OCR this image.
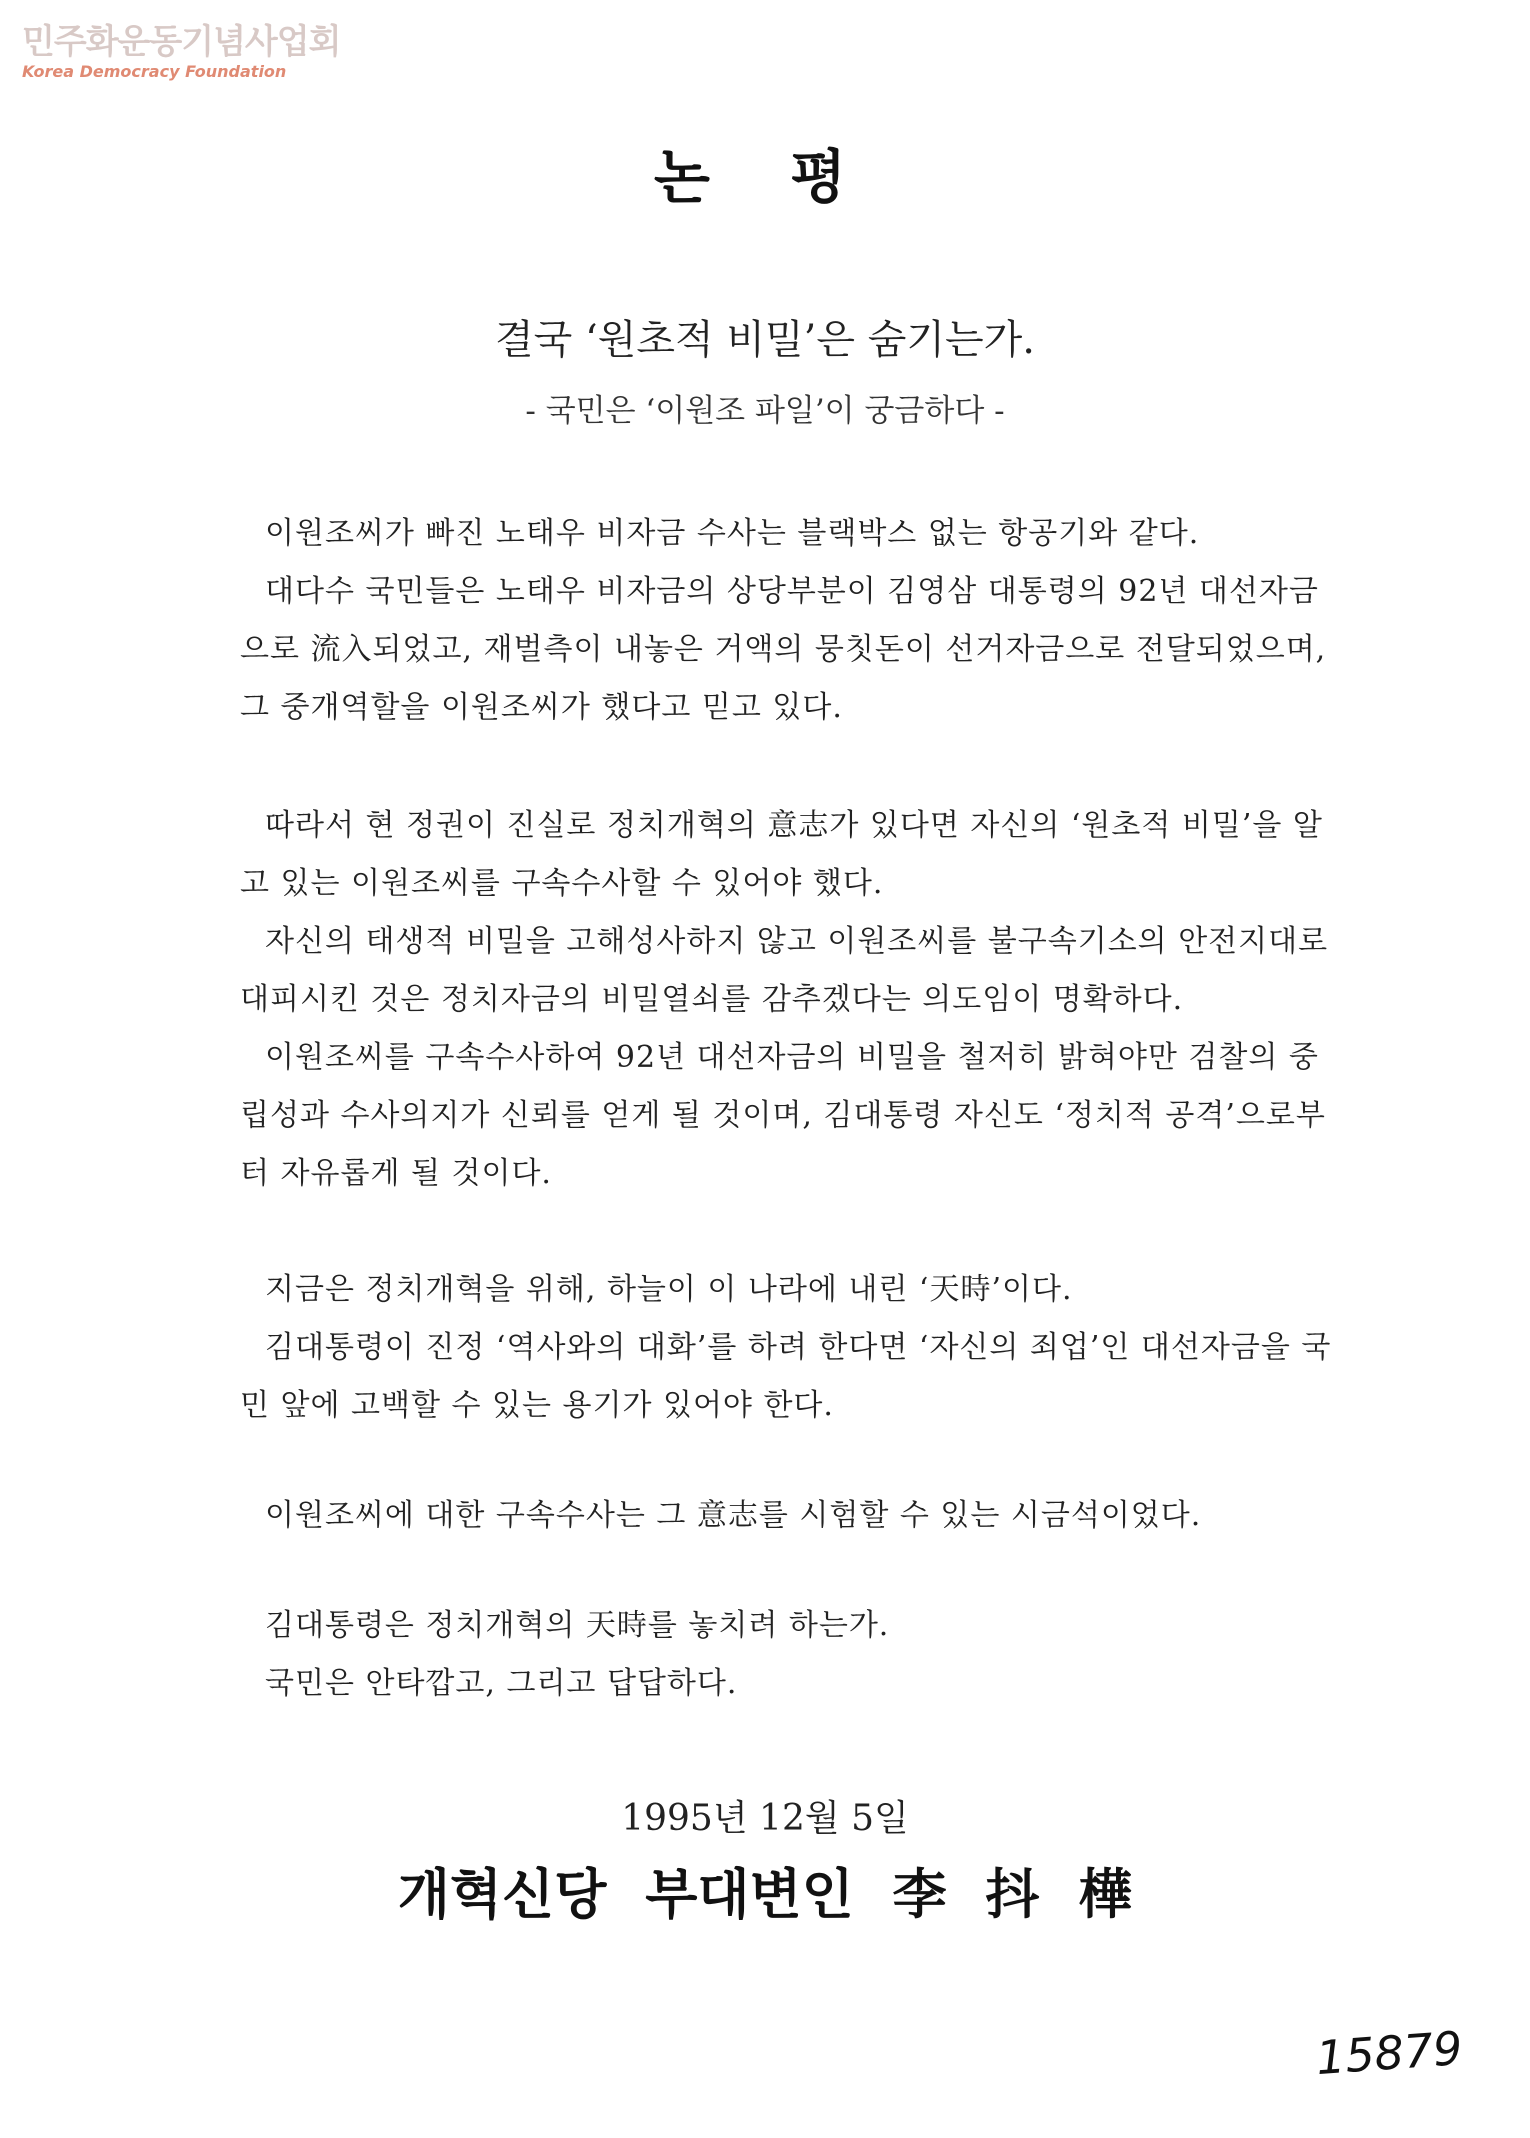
민주화운동기념사업회
Korea Democracy Foundation
논 평
결국 ‘원초적 비밀’은 숨기는가.
- 국민은 ‘이원조 파일’이 궁금하다 -
이원조씨가 빠진 노태우 비자금 수사는 블랙박스 없는 항공기와 같다.
대다수 국민들은 노태우 비자금의 상당부분이 김영삼 대통령의 92년 대선자금
으로 流入되었고, 재벌측이 내놓은 거액의 뭉칫돈이 선거자금으로 전달되었으며,
그 중개역할을 이원조씨가 했다고 믿고 있다.
따라서 현 정권이 진실로 정치개혁의 意志가 있다면 자신의 ‘원초적 비밀’을 알
고 있는 이원조씨를 구속수사할 수 있어야 했다.
자신의 태생적 비밀을 고해성사하지 않고 이원조씨를 불구속기소의 안전지대로
대피시킨 것은 정치자금의 비밀열쇠를 감추겠다는 의도임이 명확하다.
이원조씨를 구속수사하여 92년 대선자금의 비밀을 철저히 밝혀야만 검찰의 중
립성과 수사의지가 신뢰를 얻게 될 것이며, 김대통령 자신도 ‘정치적 공격’으로부
터 자유롭게 될 것이다.
지금은 정치개혁을 위해, 하늘이 이 나라에 내린 ‘天時’이다.
김대통령이 진정 ‘역사와의 대화’를 하려 한다면 ‘자신의 죄업’인 대선자금을 국
민 앞에 고백할 수 있는 용기가 있어야 한다.
이원조씨에 대한 구속수사는 그 意志를 시험할 수 있는 시금석이었다.
김대통령은 정치개혁의 天時를 놓치려 하는가.
국민은 안타깝고, 그리고 답답하다.
1995년 12월 5일
개혁신당 부대변인 李 抖 樺
15879
